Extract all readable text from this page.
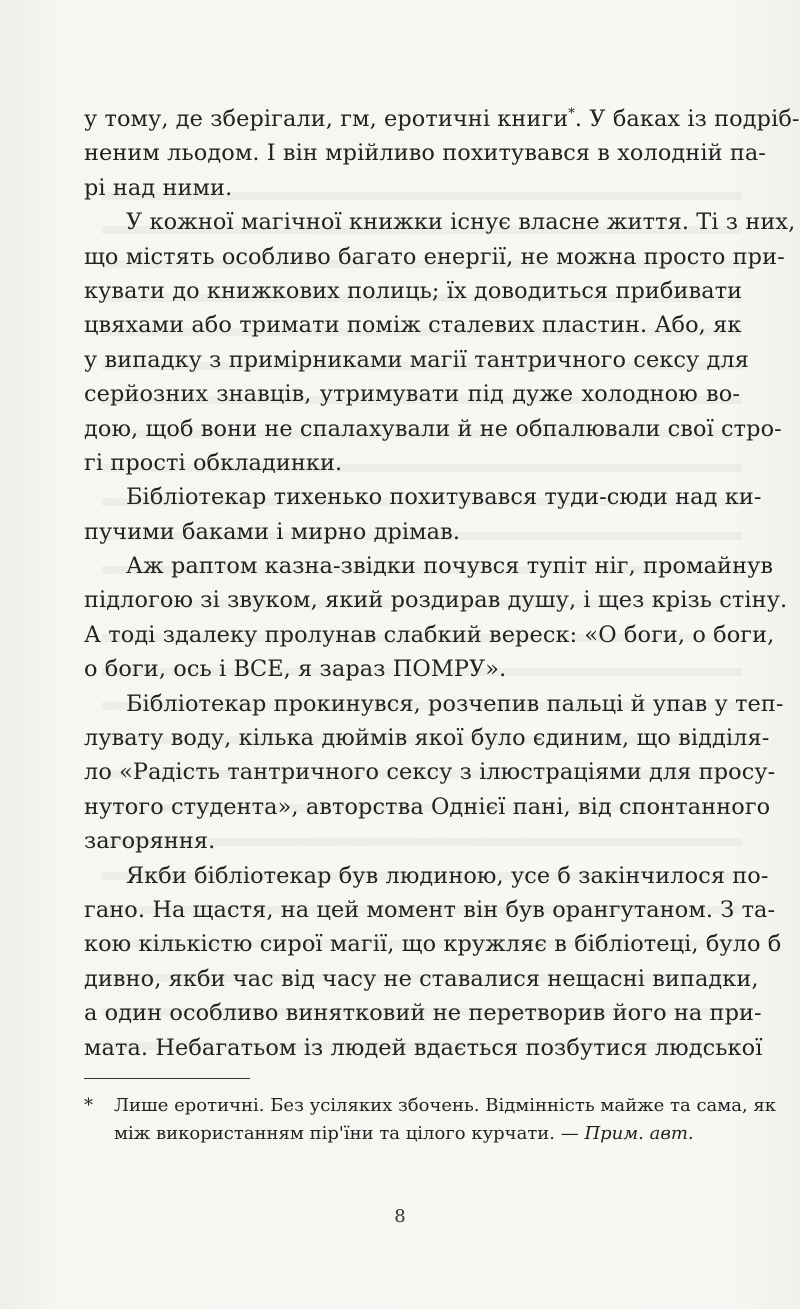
у тому, де зберігали, гм, еротичні книги*. У баках із подріб-
неним льодом. І він мрійливо похитувався в холодній па-
рі над ними.
У кожної магічної книжки існує власне життя. Ті з них,
що містять особливо багато енергії, не можна просто при-
кувати до книжкових полиць; їх доводиться прибивати
цвяхами або тримати поміж сталевих пластин. Або, як
у випадку з примірниками магії тантричного сексу для
серйозних знавців, утримувати під дуже холодною во-
дою, щоб вони не спалахували й не обпалювали свої стро-
гі прості обкладинки.
Бібліотекар тихенько похитувався туди-сюди над ки-
пучими баками і мирно дрімав.
Аж раптом казна-звідки почувся тупіт ніг, промайнув
підлогою зі звуком, який роздирав душу, і щез крізь стіну.
А тоді здалеку пролунав слабкий вереск: «О боги, о боги,
о боги, ось і ВСЕ, я зараз ПОМРУ».
Бібліотекар прокинувся, розчепив пальці й упав у теп-
лувату воду, кілька дюймів якої було єдиним, що відділя-
ло «Радість тантричного сексу з ілюстраціями для просу-
нутого студента», авторства Однієї пані, від спонтанного
загоряння.
Якби бібліотекар був людиною, усе б закінчилося по-
гано. На щастя, на цей момент він був орангутаном. З та-
кою кількістю сирої магії, що кружляє в бібліотеці, було б
дивно, якби час від часу не ставалися нещасні випадки,
а один особливо винятковий не перетворив його на при-
мата. Небагатьом із людей вдається позбутися людської
* Лише еротичні. Без усіляких збочень. Відмінність майже та сама, як
між використанням пір'їни та цілого курчати. — Прим. авт.
8
